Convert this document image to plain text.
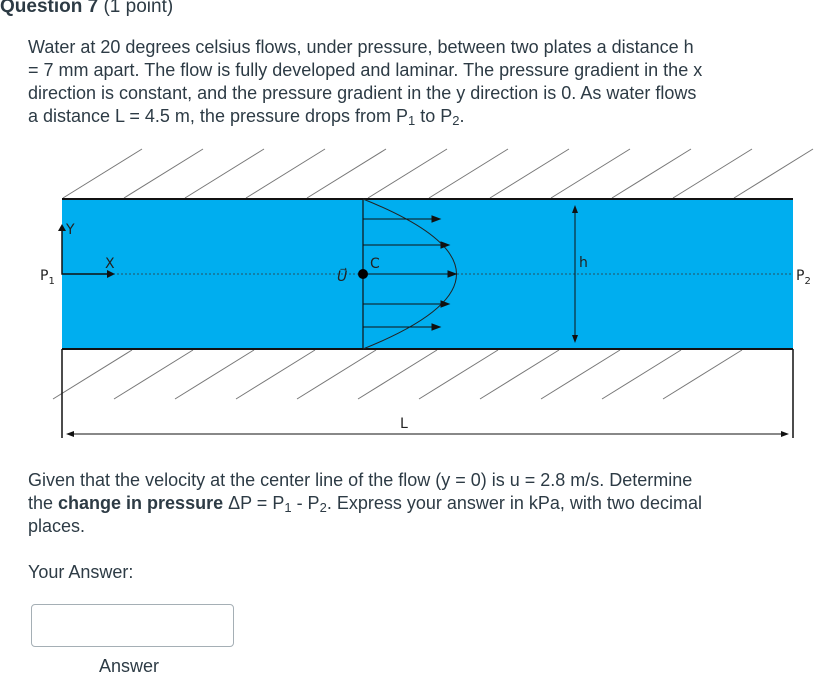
Question 7 (1 point)
Water at 20 degrees celsius flows, under pressure, between two plates a distance h
= 7 mm apart. The flow is fully developed and laminar. The pressure gradient in the x
direction is constant, and the pressure gradient in the y direction is 0. As water flows
a distance L = 4.5 m, the pressure drops from $P_1$ to $P_2$.
Y
X
$P_1$	$P_2$
U⃗
C	h
L
Given that the velocity at the center line of the flow (y = 0) is u = 2.8 m/s. Determine
the change in pressure $\Delta P = P_1 - P_2$. Express your answer in kPa, with two decimal
places.
Your Answer:
Answer
